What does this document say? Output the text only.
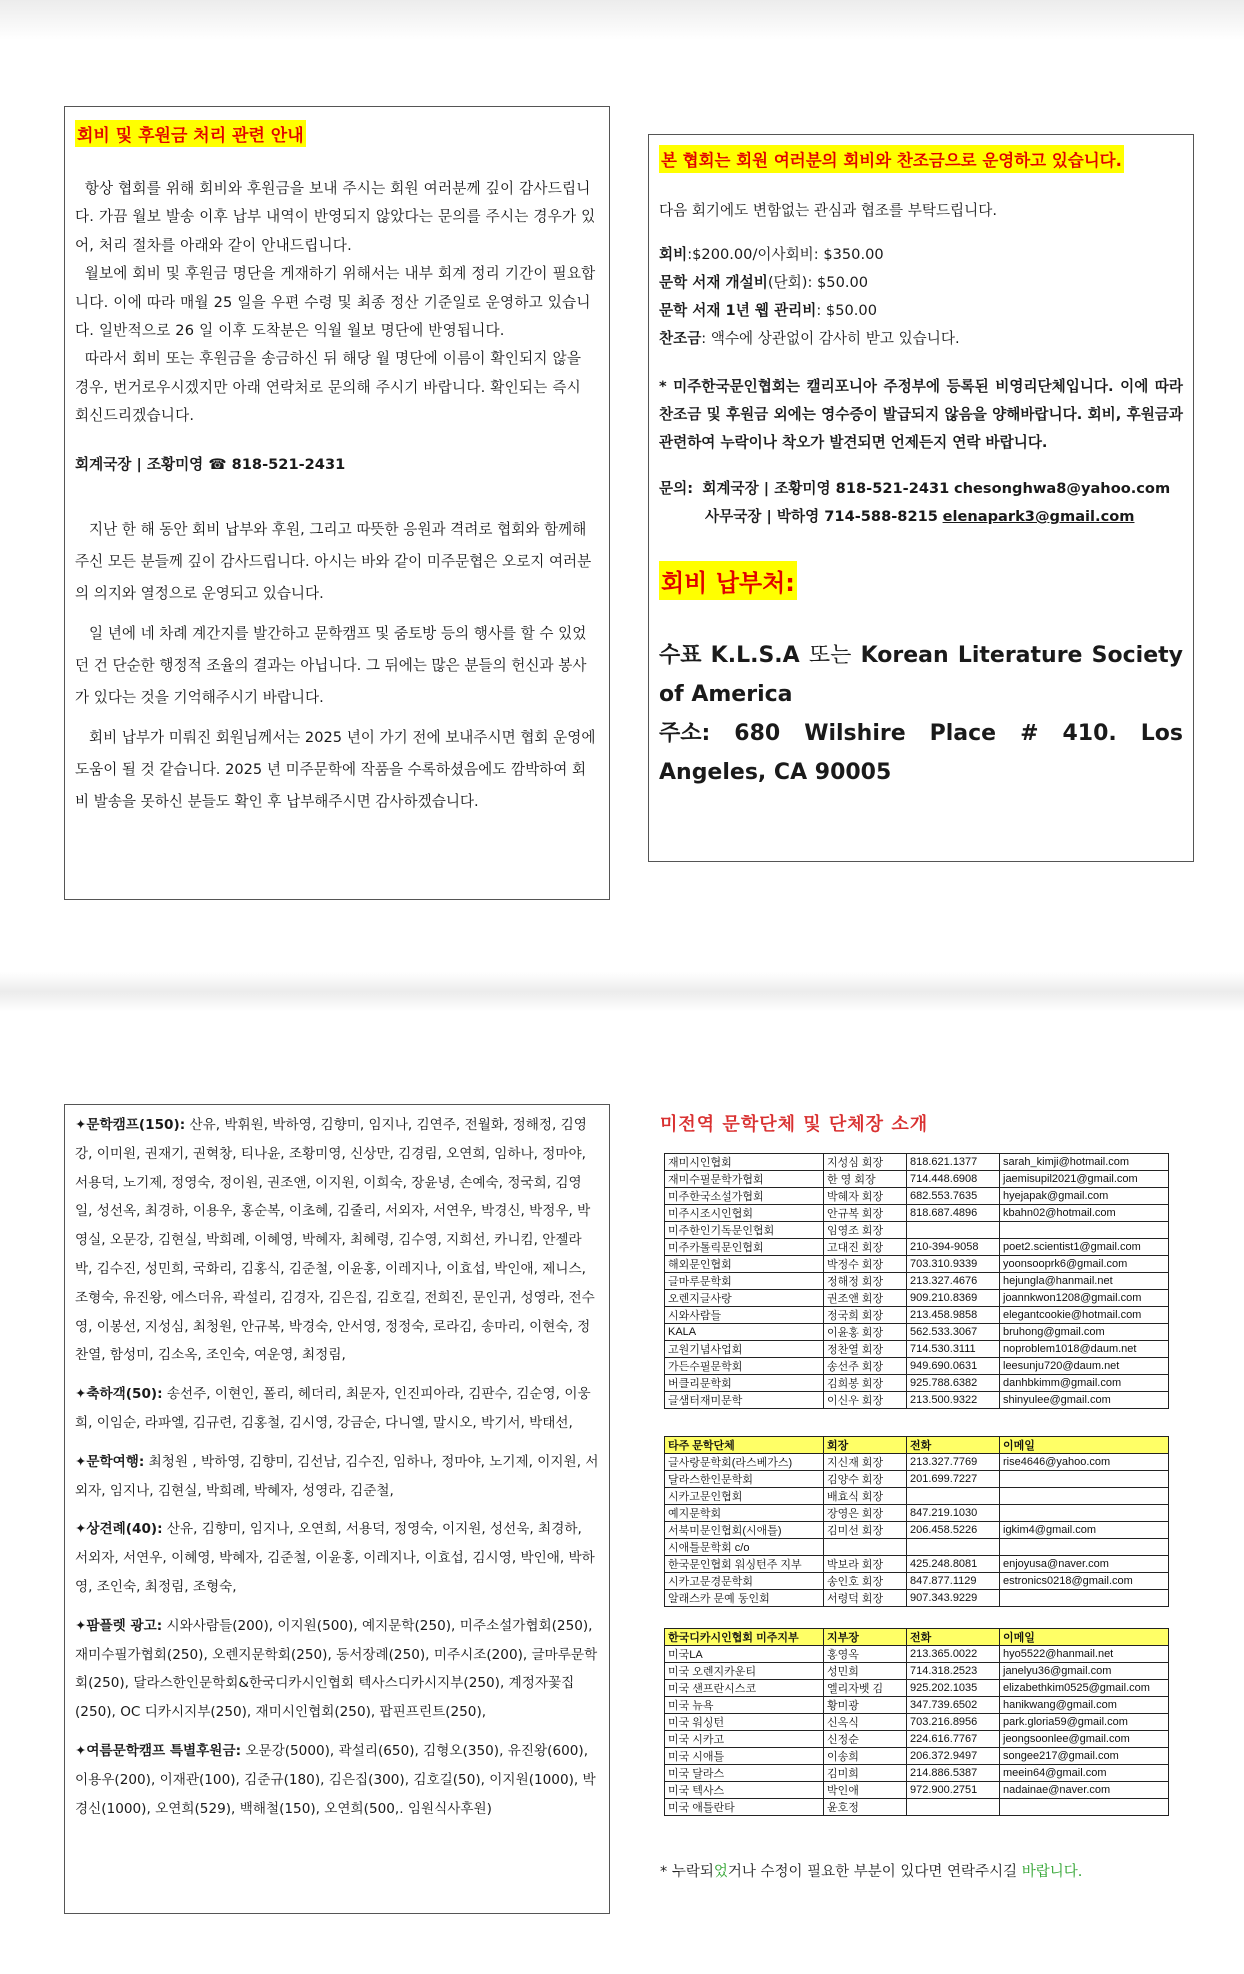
회비 및 후원금 처리 관련 안내

항상 협회를 위해 회비와 후원금을 보내 주시는 회원 여러분께 깊이 감사드립니다. 가끔 월보 발송 이후 납부 내역이 반영되지 않았다는 문의를 주시는 경우가 있어, 처리 절차를 아래와 같이 안내드립니다.

월보에 회비 및 후원금 명단을 게재하기 위해서는 내부 회계 정리 기간이 필요합니다. 이에 따라 매월 25 일을 우편 수령 및 최종 정산 기준일로 운영하고 있습니다. 일반적으로 26 일 이후 도착분은 익월 월보 명단에 반영됩니다.

따라서 회비 또는 후원금을 송금하신 뒤 해당 월 명단에 이름이 확인되지 않을 경우, 번거로우시겠지만 아래 연락처로 문의해 주시기 바랍니다. 확인되는 즉시 회신드리겠습니다.

회계국장 | 조황미영 ☎ 818-521-2431

지난 한 해 동안 회비 납부와 후원, 그리고 따뜻한 응원과 격려로 협회와 함께해 주신 모든 분들께 깊이 감사드립니다. 아시는 바와 같이 미주문협은 오로지 여러분의 의지와 열정으로 운영되고 있습니다.

일 년에 네 차례 계간지를 발간하고 문학캠프 및 줌토방 등의 행사를 할 수 있었던 건 단순한 행정적 조율의 결과는 아닙니다. 그 뒤에는 많은 분들의 헌신과 봉사가 있다는 것을 기억해주시기 바랍니다.

회비 납부가 미뤄진 회원님께서는 2025 년이 가기 전에 보내주시면 협회 운영에 도움이 될 것 같습니다. 2025 년 미주문학에 작품을 수록하셨음에도 깜박하여 회비 발송을 못하신 분들도 확인 후 납부해주시면 감사하겠습니다.

본 협회는 회원 여러분의 회비와 찬조금으로 운영하고 있습니다.

다음 회기에도 변함없는 관심과 협조를 부탁드립니다.

회비:$200.00/이사회비: $350.00

문학 서재 개설비(단회): $50.00

문학 서재 1년 웹 관리비: $50.00

찬조금: 액수에 상관없이 감사히 받고 있습니다.

* 미주한국문인협회는 캘리포니아 주정부에 등록된 비영리단체입니다. 이에 따라 찬조금 및 후원금 외에는 영수증이 발급되지 않음을 양해바랍니다. 회비, 후원금과 관련하여 누락이나 착오가 발견되면 언제든지 연락 바랍니다.

문의: 회계국장 | 조황미영 818-521-2431 chesonghwa8@yahoo.com

사무국장 | 박하영 714-588-8215 elenapark3@gmail.com

회비 납부처:

수표 K.L.S.A 또는 Korean Literature Society of America

주소: 680 Wilshire Place # 410. Los Angeles, CA 90005

✦문학캠프(150): 산유, 박휘원, 박하영, 김향미, 임지나, 김연주, 전월화, 정해정, 김영강, 이미원, 권재기, 권혁창, 티나윤, 조황미영, 신상만, 김경림, 오연희, 임하나, 정마야,서용덕, 노기제, 정영숙, 정이원, 권조앤, 이지원, 이희숙, 장윤녕, 손예숙, 정국희, 김영일, 성선옥, 최경하, 이용우, 홍순복, 이초혜, 김줄리, 서외자, 서연우, 박경신, 박정우, 박영실, 오문강, 김현실, 박희례, 이혜영, 박혜자, 최혜령, 김수영, 지희선, 카니킴, 안젤라박, 김수진, 성민희, 국화리, 김홍식, 김준철, 이윤홍, 이레지나, 이효섭, 박인애, 제니스, 조형숙, 유진왕, 에스더유, 곽설리, 김경자, 김은집, 김호길, 전희진, 문인귀, 성영라, 전수영, 이봉선, 지성심, 최청원, 안규복, 박경숙, 안서영, 정정숙, 로라김, 송마리, 이현숙, 정찬열, 함성미, 김소옥, 조인숙, 여운영, 최정림,

✦축하객(50): 송선주, 이현인, 폴리, 헤더리, 최문자, 인진피아라, 김판수, 김순영, 이웅희, 이임순, 라파엘, 김규련, 김홍철, 김시영, 강금순, 다니엘, 말시오, 박기서, 박태선,

✦문학여행: 최청원 , 박하영, 김향미, 김선남, 김수진, 임하나, 정마야, 노기제, 이지원, 서외자, 임지나, 김현실, 박희례, 박혜자, 성영라, 김준철,

✦상견례(40): 산유, 김향미, 임지나, 오연희, 서용덕, 정영숙, 이지원, 성선욱, 최경하, 서외자, 서연우, 이혜영, 박혜자, 김준철, 이윤홍, 이레지나, 이효섭, 김시영, 박인애, 박하영, 조인숙, 최정림, 조형숙,

✦팜플렛 광고: 시와사람들(200), 이지원(500), 예지문학(250), 미주소설가협회(250), 재미수필가협회(250), 오렌지문학회(250), 동서장례(250), 미주시조(200), 글마루문학회(250), 달라스한인문학회&한국디카시인협회 텍사스디카시지부(250), 계정자꽃집(250), OC 디카시지부(250), 재미시인협회(250), 팝핀프린트(250),

✦여름문학캠프 특별후원금: 오문강(5000), 곽설리(650), 김형오(350), 유진왕(600), 이용우(200), 이재관(100), 김준규(180), 김은집(300), 김호길(50), 이지원(1000), 박경신(1000), 오연희(529), 백해철(150), 오연희(500,. 임원식사후원)

미전역 문학단체 및 단체장 소개
재미시인협회	지성심 회장	818.621.1377	sarah_kimji@hotmail.com
재미수필문학가협회	한 영 회장	714.448.6908	jaemisupil2021@gmail.com
미주한국소설가협회	박혜자 회장	682.553.7635	hyejapak@gmail.com
미주시조시인협회	안규복 회장	818.687.4896	kbahn02@hotmail.com
미주한인기독문인협회	임영조 회장		
미주카톨릭문인협회	고대진 회장	210-394-9058	poet2.scientist1@gmail.com
해외문인협회	박정수 회장	703.310.9339	yoonsooprk6@gmail.com
글마루문학회	정해정 회장	213.327.4676	hejungla@hanmail.net
오렌지글사랑	권조앤 회장	909.210.8369	joannkwon1208@gmail.com
시와사람들	정국희 회장	213.458.9858	elegantcookie@hotmail.com
KALA	이윤홍 회장	562.533.3067	bruhong@gmail.com
고원기념사업회	정찬열 회장	714.530.3111	noproblem1018@daum.net
가든수필문학회	송선주 회장	949.690.0631	leesunju720@daum.net
버클리문학회	김희봉 회장	925.788.6382	danhbkimm@gmail.com
글샘터재미문학	이신우 회장	213.500.9322	shinyulee@gmail.com
타주 문학단체	회장	전화	이메일
글사랑문학회(라스베가스)	지신재 회장	213.327.7769	rise4646@yahoo.com
달라스한인문학회	김양수 회장	201.699.7227	
시카고문인협회	배효식 회장		
예지문학회	장영은 회장	847.219.1030	
서북미문인협회(시애틀)	김미선 회장	206.458.5226	igkim4@gmail.com
시애틀문학회 c/o			
한국문인협회 워싱턴주 지부	박보라 회장	425.248.8081	enjoyusa@naver.com
시카고문경문학회	송인호 회장	847.877.1129	estronics0218@gmail.com
알래스카 문예 동인회	서령덕 회장	907.343.9229	
한국디카시인협회 미주지부	지부장	전화	이메일
미국LA	홍영옥	213.365.0022	hyo5522@hanmail.net
미국 오렌지카운티	성민희	714.318.2523	janelyu36@gmail.com
미국 샌프란시스코	엘리자벳 김	925.202.1035	elizabethkim0525@gmail.com
미국 뉴욕	황미광	347.739.6502	hanikwang@gmail.com
미국 워싱턴	신옥식	703.216.8956	park.gloria59@gmail.com
미국 시카고	신정순	224.616.7767	jeongsoonlee@gmail.com
미국 시애틀	이송희	206.372.9497	songee217@gmail.com
미국 달라스	김미희	214.886.5387	meein64@gmail.com
미국 텍사스	박인애	972.900.2751	nadainae@naver.com
미국 애틀란타	윤호정		
* 누락되었거나 수정이 필요한 부분이 있다면 연락주시길 바랍니다.
